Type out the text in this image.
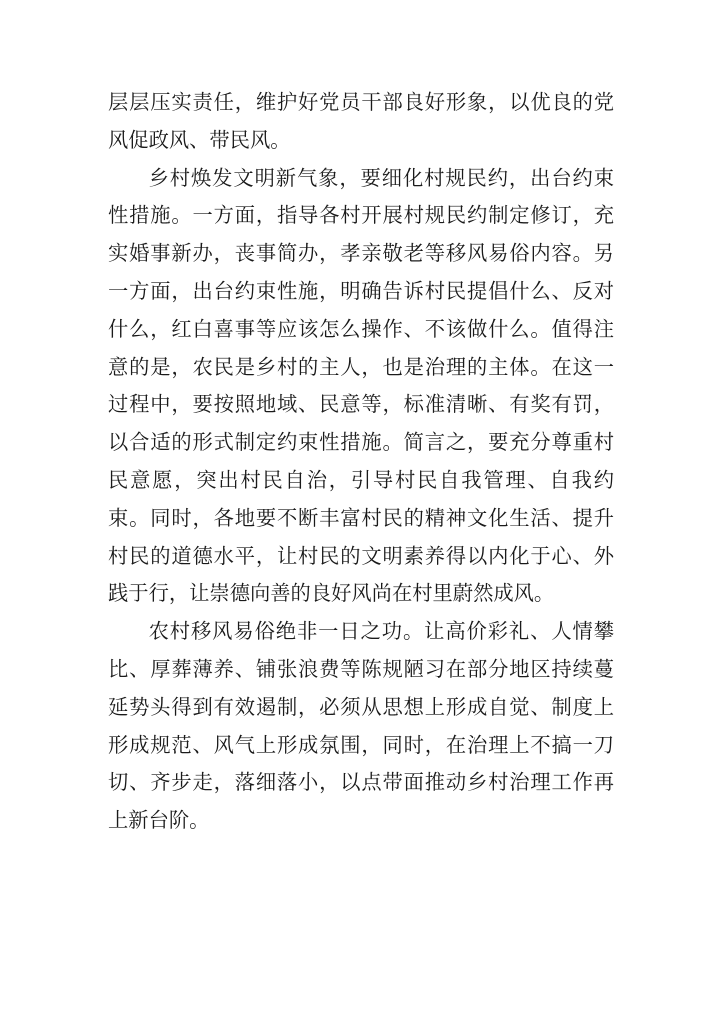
层层压实责任，维护好党员干部良好形象，以优良的党风促政风、带民风。

乡村焕发文明新气象，要细化村规民约，出台约束性措施。一方面，指导各村开展村规民约制定修订，充实婚事新办，丧事简办，孝亲敬老等移风易俗内容。另一方面，出台约束性施，明确告诉村民提倡什么、反对什么，红白喜事等应该怎么操作、不该做什么。值得注意的是，农民是乡村的主人，也是治理的主体。在这一过程中，要按照地域、民意等，标准清晰、有奖有罚，以合适的形式制定约束性措施。简言之，要充分尊重村民意愿，突出村民自治，引导村民自我管理、自我约束。同时，各地要不断丰富村民的精神文化生活、提升村民的道德水平，让村民的文明素养得以内化于心、外践于行，让崇德向善的良好风尚在村里蔚然成风。

农村移风易俗绝非一日之功。让高价彩礼、人情攀比、厚葬薄养、铺张浪费等陈规陋习在部分地区持续蔓延势头得到有效遏制，必须从思想上形成自觉、制度上形成规范、风气上形成氛围，同时，在治理上不搞一刀切、齐步走，落细落小，以点带面推动乡村治理工作再上新台阶。
